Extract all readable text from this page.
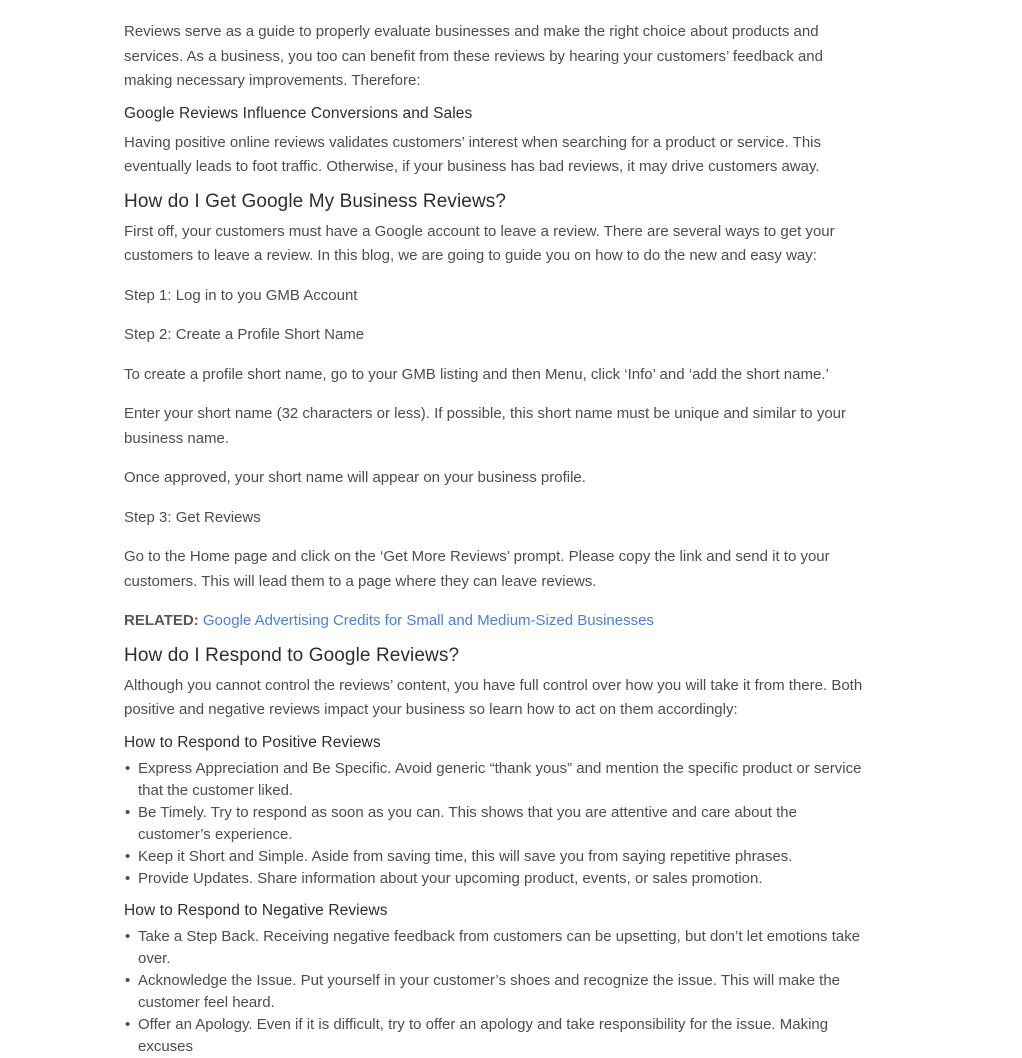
Reviews serve as a guide to properly evaluate businesses and make the right choice about products and services. As a business, you too can benefit from these reviews by hearing your customers’ feedback and making necessary improvements. Therefore:

Google Reviews Influence Conversions and Sales

Having positive online reviews validates customers’ interest when searching for a product or service. This eventually leads to foot traffic. Otherwise, if your business has bad reviews, it may drive customers away.

How do I Get Google My Business Reviews?

First off, your customers must have a Google account to leave a review. There are several ways to get your customers to leave a review. In this blog, we are going to guide you on how to do the new and easy way:

Step 1: Log in to you GMB Account

Step 2: Create a Profile Short Name

To create a profile short name, go to your GMB listing and then Menu, click ‘Info’ and ‘add the short name.’

Enter your short name (32 characters or less). If possible, this short name must be unique and similar to your business name.

Once approved, your short name will appear on your business profile.

Step 3: Get Reviews

Go to the Home page and click on the ‘Get More Reviews’ prompt. Please copy the link and send it to your customers. This will lead them to a page where they can leave reviews.

RELATED: Google Advertising Credits for Small and Medium-Sized Businesses

How do I Respond to Google Reviews?

Although you cannot control the reviews’ content, you have full control over how you will take it from there. Both positive and negative reviews impact your business so learn how to act on them accordingly:

How to Respond to Positive Reviews
• Express Appreciation and Be Specific. Avoid generic “thank yous” and mention the specific product or service that the customer liked.
• Be Timely. Try to respond as soon as you can. This shows that you are attentive and care about the customer’s experience.
• Keep it Short and Simple. Aside from saving time, this will save you from saying repetitive phrases.
• Provide Updates. Share information about your upcoming product, events, or sales promotion.
How to Respond to Negative Reviews
• Take a Step Back. Receiving negative feedback from customers can be upsetting, but don’t let emotions take over.
• Acknowledge the Issue. Put yourself in your customer’s shoes and recognize the issue. This will make the customer feel heard.
• Offer an Apology. Even if it is difficult, try to offer an apology and take responsibility for the issue. Making excuses
